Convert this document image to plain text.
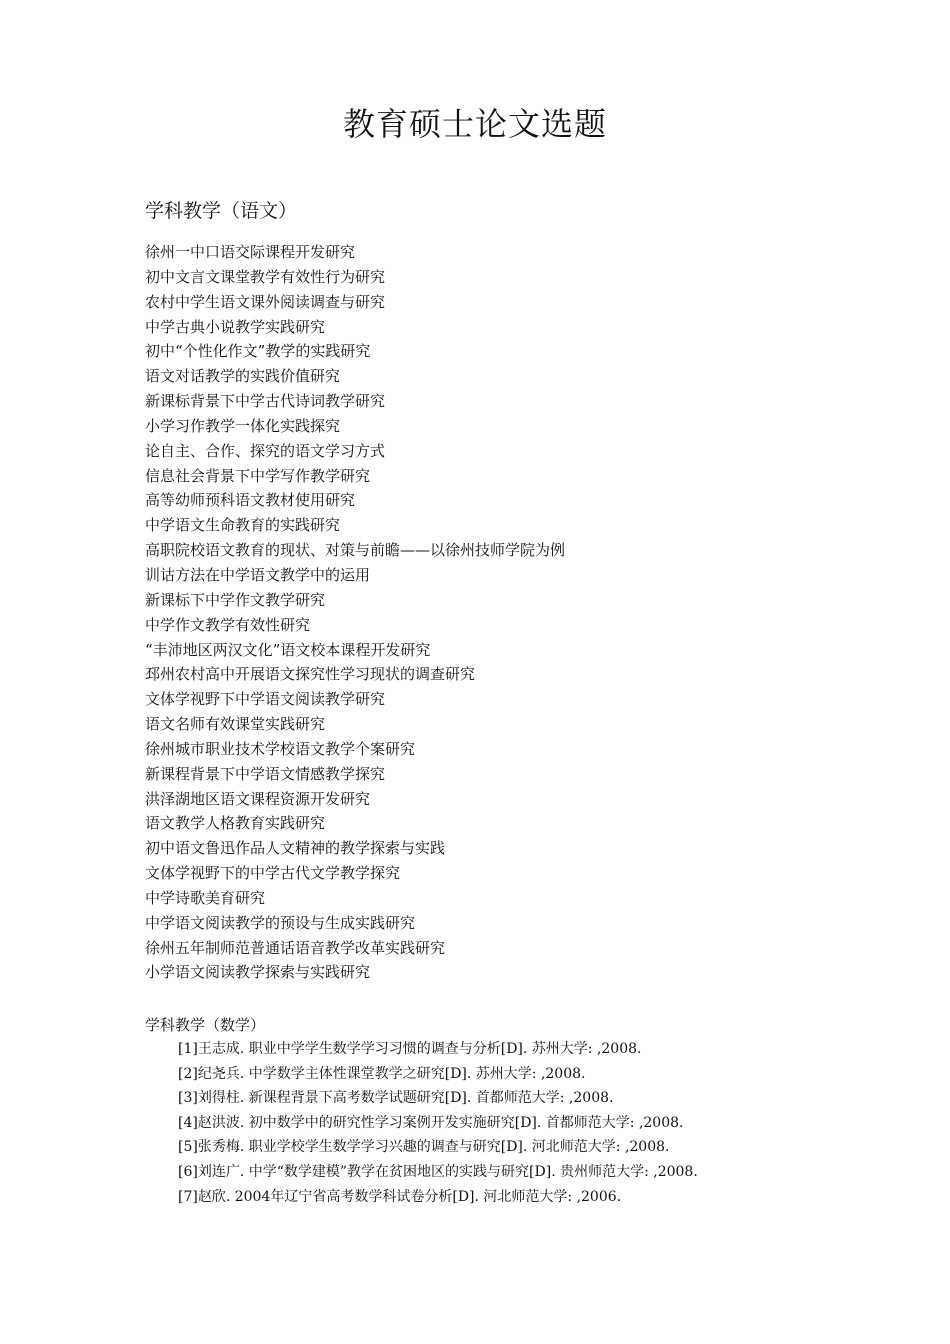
教育硕士论文选题
学科教学（语文）
徐州一中口语交际课程开发研究
初中文言文课堂教学有效性行为研究
农村中学生语文课外阅读调查与研究
中学古典小说教学实践研究
初中“个性化作文”教学的实践研究
语文对话教学的实践价值研究
新课标背景下中学古代诗词教学研究
小学习作教学一体化实践探究
论自主、合作、探究的语文学习方式
信息社会背景下中学写作教学研究
高等幼师预科语文教材使用研究
中学语文生命教育的实践研究
高职院校语文教育的现状、对策与前瞻——以徐州技师学院为例
训诂方法在中学语文教学中的运用
新课标下中学作文教学研究
中学作文教学有效性研究
“丰沛地区两汉文化”语文校本课程开发研究
邳州农村高中开展语文探究性学习现状的调查研究
文体学视野下中学语文阅读教学研究
语文名师有效课堂实践研究
徐州城市职业技术学校语文教学个案研究
新课程背景下中学语文情感教学探究
洪泽湖地区语文课程资源开发研究
语文教学人格教育实践研究
初中语文鲁迅作品人文精神的教学探索与实践
文体学视野下的中学古代文学教学探究
中学诗歌美育研究
中学语文阅读教学的预设与生成实践研究
徐州五年制师范普通话语音教学改革实践研究
小学语文阅读教学探索与实践研究
学科教学（数学）
[1]王志成. 职业中学学生数学学习习惯的调查与分析[D]. 苏州大学: ,2008.
[2]纪尧兵. 中学数学主体性课堂教学之研究[D]. 苏州大学: ,2008.
[3]刘得柱. 新课程背景下高考数学试题研究[D]. 首都师范大学: ,2008.
[4]赵洪波. 初中数学中的研究性学习案例开发实施研究[D]. 首都师范大学: ,2008.
[5]张秀梅. 职业学校学生数学学习兴趣的调查与研究[D]. 河北师范大学: ,2008.
[6]刘连广. 中学“数学建模”教学在贫困地区的实践与研究[D]. 贵州师范大学: ,2008.
[7]赵欣. 2004年辽宁省高考数学科试卷分析[D]. 河北师范大学: ,2006.
